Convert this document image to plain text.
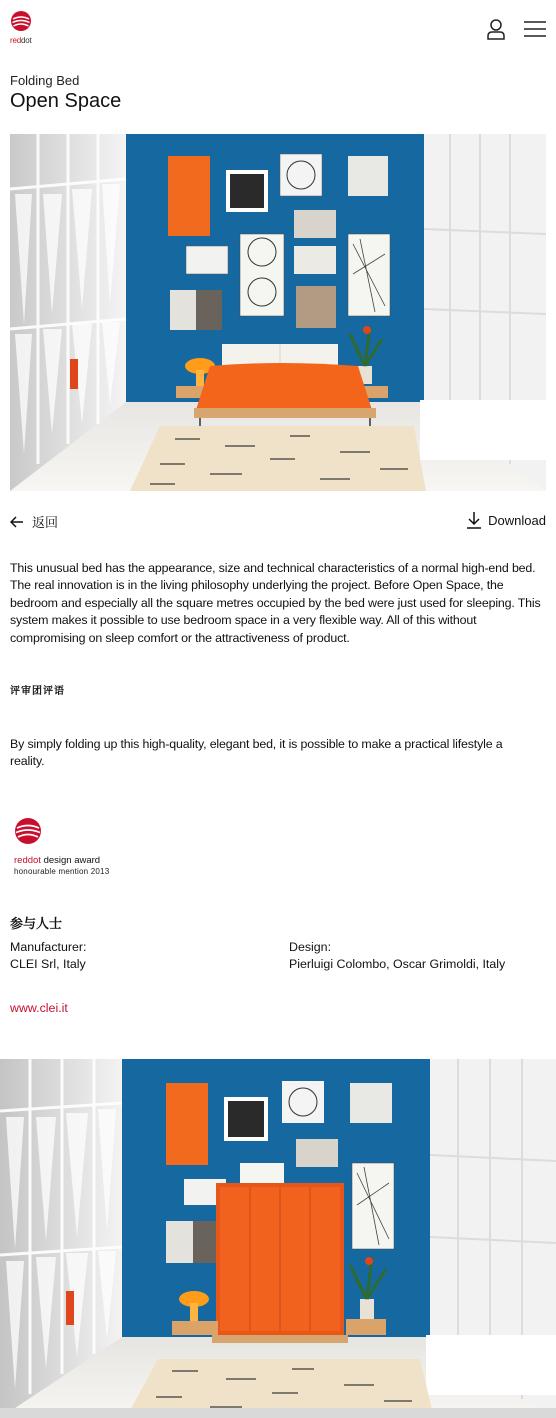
reddot
Folding Bed
Open Space
返回	Download

This unusual bed has the appearance, size and technical characteristics of a normal high-end bed. The real innovation is in the living philosophy underlying the project. Before Open Space, the bedroom and especially all the square metres occupied by the bed were just used for sleeping. This system makes it possible to use bedroom space in a very flexible way. All of this without compromising on sleep comfort or the attractiveness of product.

评审团评语

By simply folding up this high-quality, elegant bed, it is possible to make a practical lifestyle a reality.

reddot design award
honourable mention 2013
参与人士
Manufacturer:
CLEI Srl, Italy
Design:
Pierluigi Colombo, Oscar Grimoldi, Italy
www.clei.it
